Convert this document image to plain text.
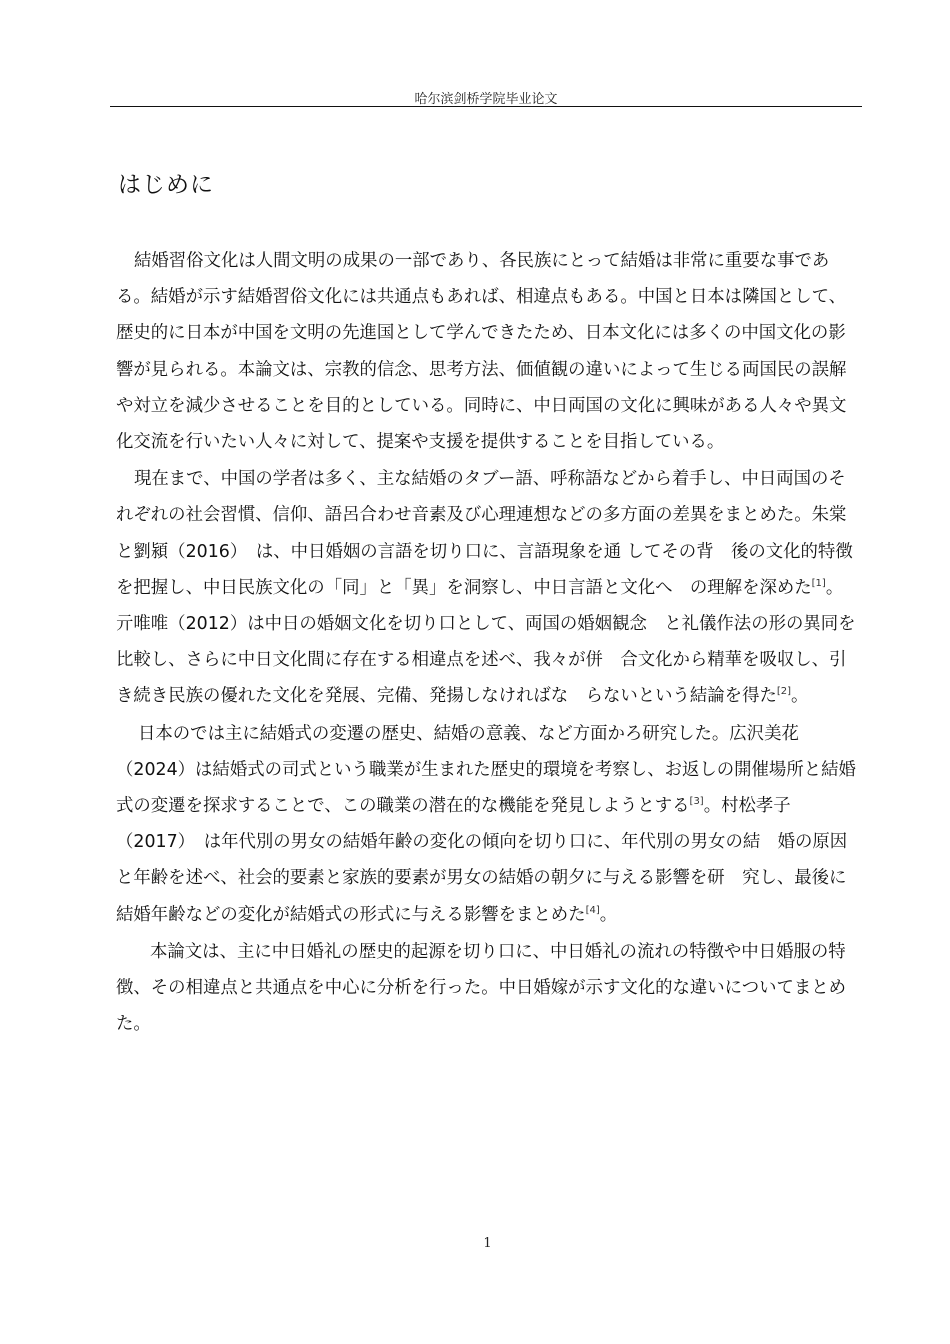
哈尔滨剑桥学院毕业论文
はじめに

結婚習俗文化は人間文明の成果の一部であり、各民族にとって結婚は非常に重要な事である。結婚が示す結婚習俗文化には共通点もあれば、相違点もある。中国と日本は隣国として、歴史的に日本が中国を文明の先進国として学んできたため、日本文化には多くの中国文化の影響が見られる。本論文は、宗教的信念、思考方法、価値観の違いによって生じる両国民の誤解や対立を減少させることを目的としている。同時に、中日両国の文化に興味がある人々や異文化交流を行いたい人々に対して、提案や支援を提供することを目指している。

現在まで、中国の学者は多く、主な結婚のタブー語、呼称語などから着手し、中日両国のそれぞれの社会習慣、信仰、語呂合わせ音素及び心理連想などの多方面の差異をまとめた。朱棠と劉潁（2016）　は、中日婚姻の言語を切り口に、言語現象を通 してその背　後の文化的特徴を把握し、中日民族文化の「同」と「異」を洞察し、中日言語と文化へ　の理解を深めた[1]。亓唯唯（2012）は中日の婚姻文化を切り口として、両国の婚姻観念　と礼儀作法の形の異同を比較し、さらに中日文化間に存在する相違点を述べ、我々が併　合文化から精華を吸収し、引き続き民族の優れた文化を発展、完備、発揚しなければな　らないという結論を得た[2]。

日本のでは主に結婚式の変遷の歴史、結婚の意義、など方面かろ研究した。広沢美花（2024）は結婚式の司式という職業が生まれた歴史的環境を考察し、お返しの開催場所と結婚式の変遷を探求することで、この職業の潜在的な機能を発見しようとする[3]。村松孝子（2017）　は年代別の男女の結婚年齢の変化の傾向を切り口に、年代別の男女の結　婚の原因と年齢を述べ、社会的要素と家族的要素が男女の結婚の朝夕に与える影響を研　究し、最後に結婚年齢などの変化が結婚式の形式に与える影響をまとめた[4]。

本論文は、主に中日婚礼の歴史的起源を切り口に、中日婚礼の流れの特徴や中日婚服の特徴、その相違点と共通点を中心に分析を行った。中日婚嫁が示す文化的な違いについてまとめた。

1
